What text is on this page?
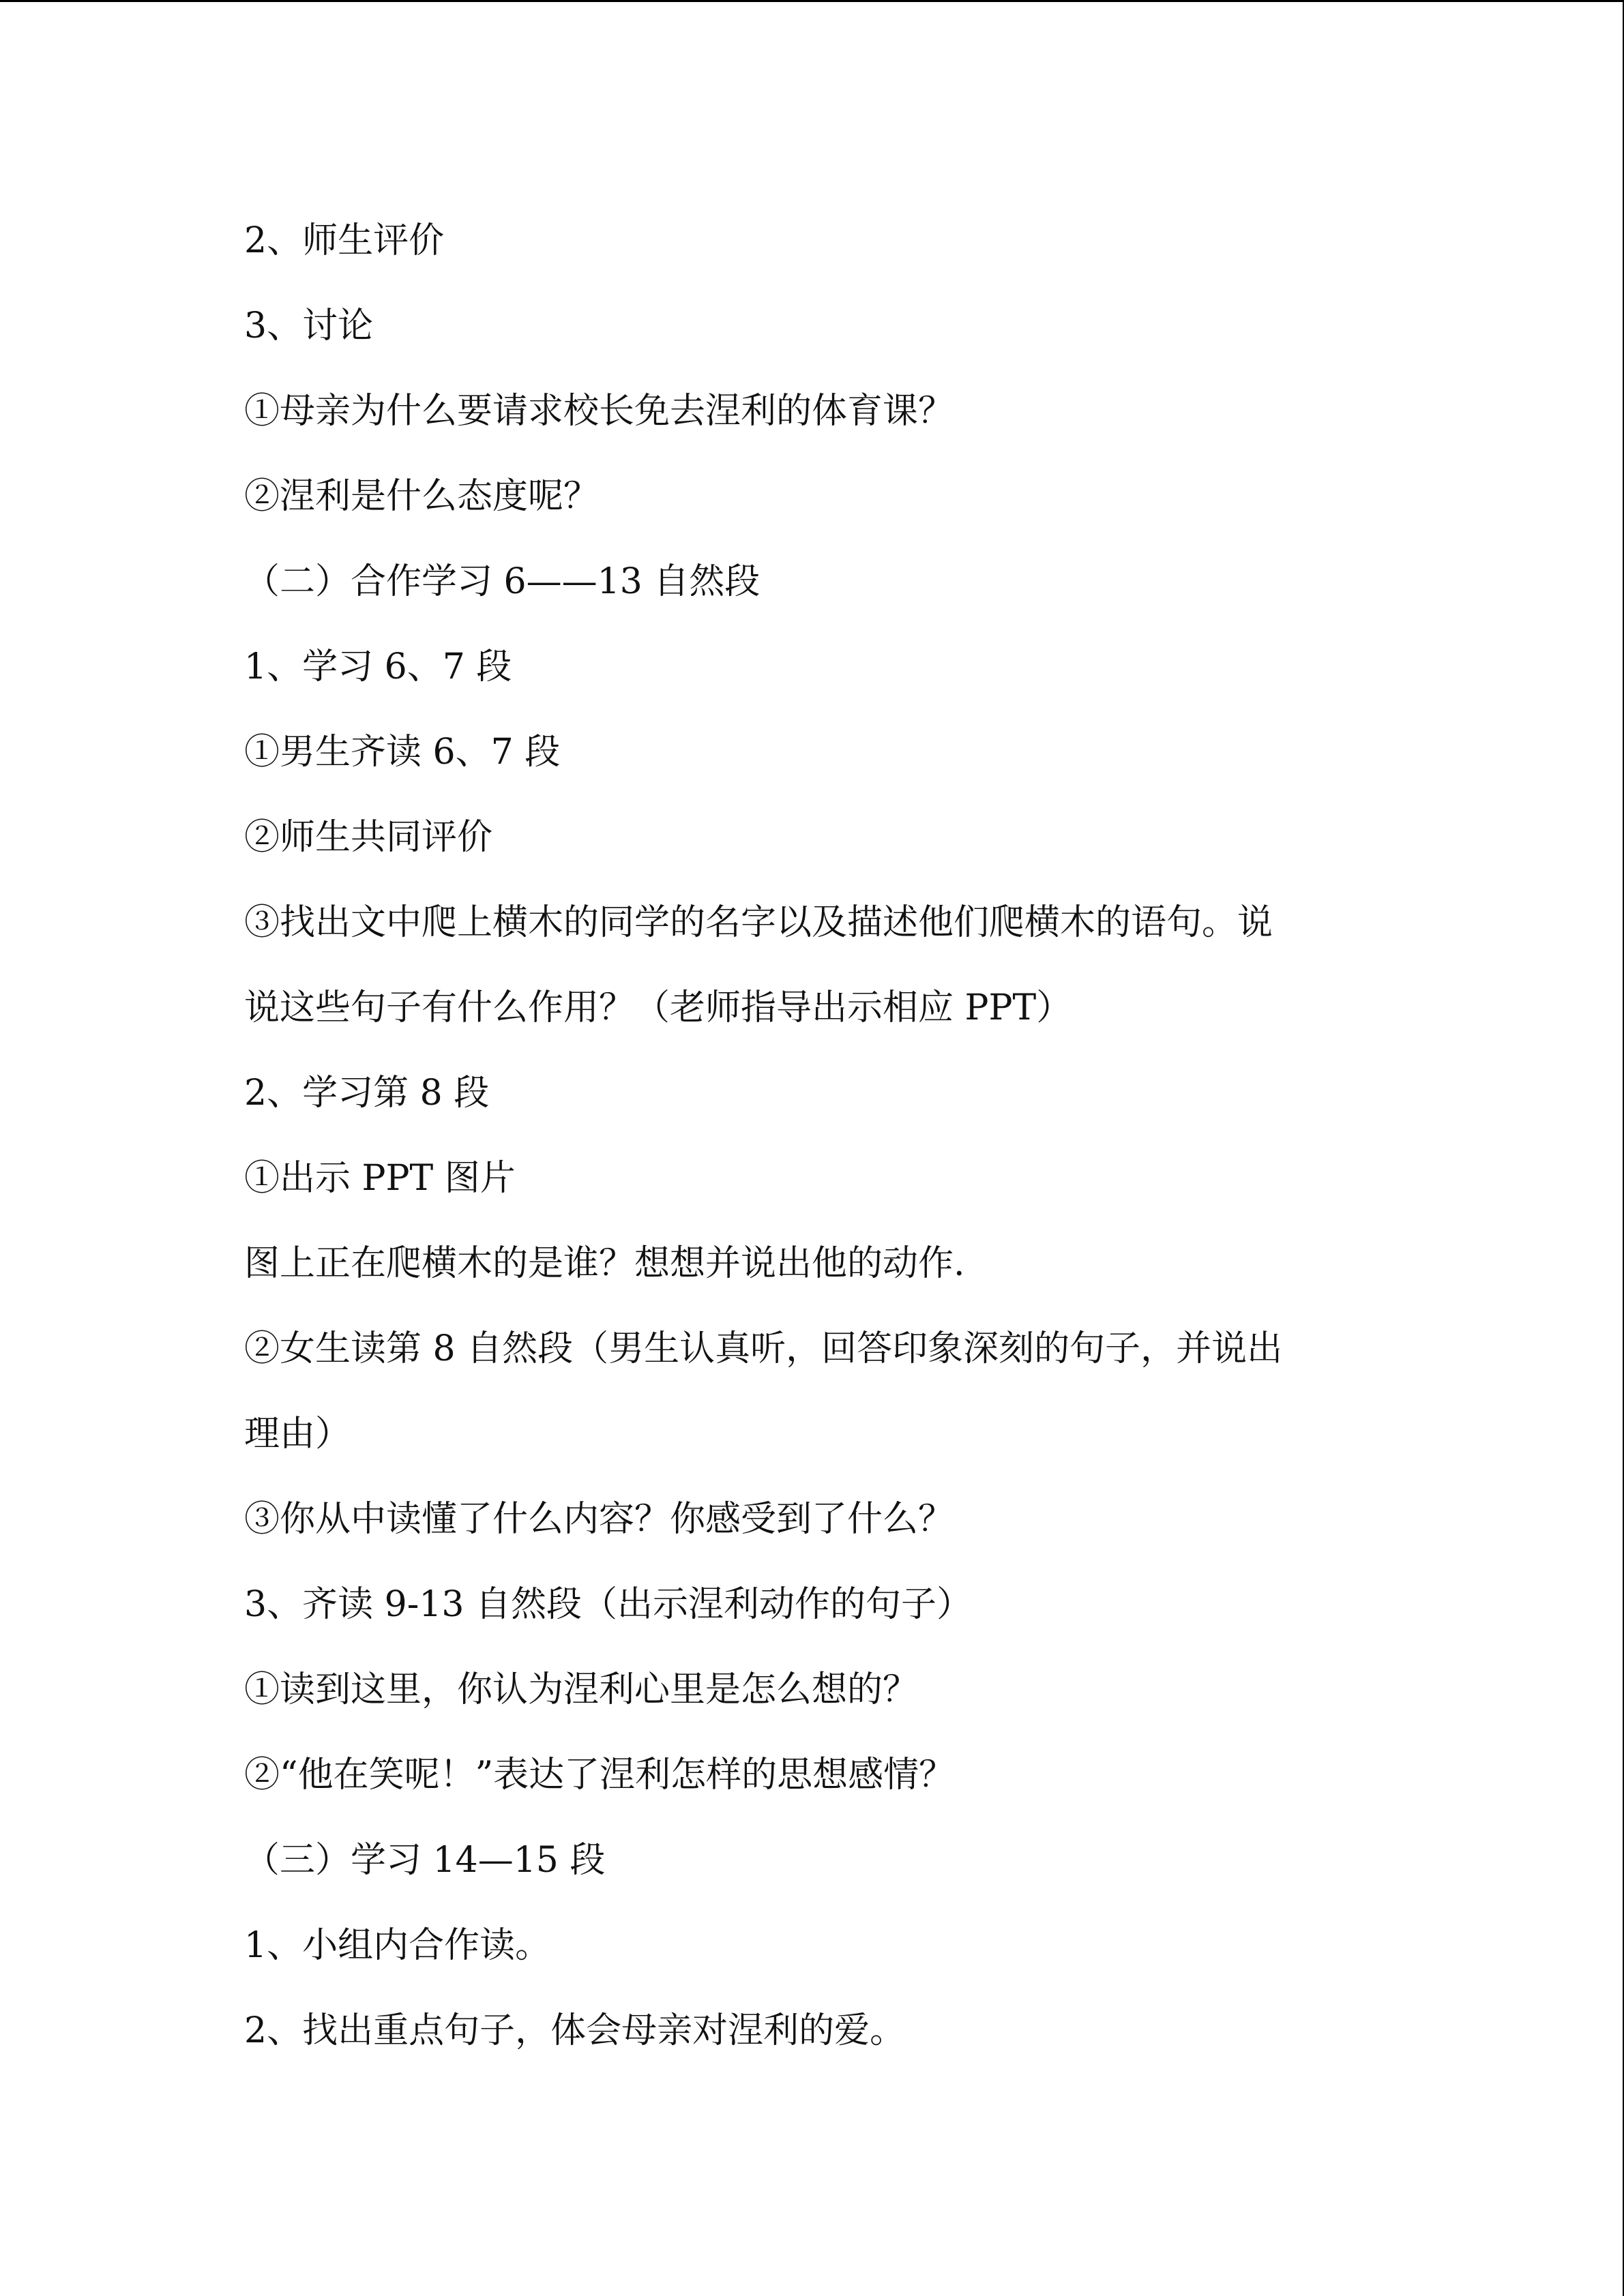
2、师生评价
3、讨论
①母亲为什么要请求校长免去涅利的体育课？
②涅利是什么态度呢？
（二）合作学习 6——13 自然段
1、学习 6、7 段
①男生齐读 6、7 段
②师生共同评价
③找出文中爬上横木的同学的名字以及描述他们爬横木的语句。说
说这些句子有什么作用？（老师指导出示相应 PPT）
2、学习第 8 段
①出示 PPT 图片
图上正在爬横木的是谁？想想并说出他的动作.
②女生读第 8 自然段（男生认真听，回答印象深刻的句子，并说出
理由）
③你从中读懂了什么内容？你感受到了什么？
3、齐读 9-13 自然段（出示涅利动作的句子）
①读到这里，你认为涅利心里是怎么想的？
②“他在笑呢！”表达了涅利怎样的思想感情？
（三）学习 14—15 段
1、小组内合作读。
2、找出重点句子，体会母亲对涅利的爱。
